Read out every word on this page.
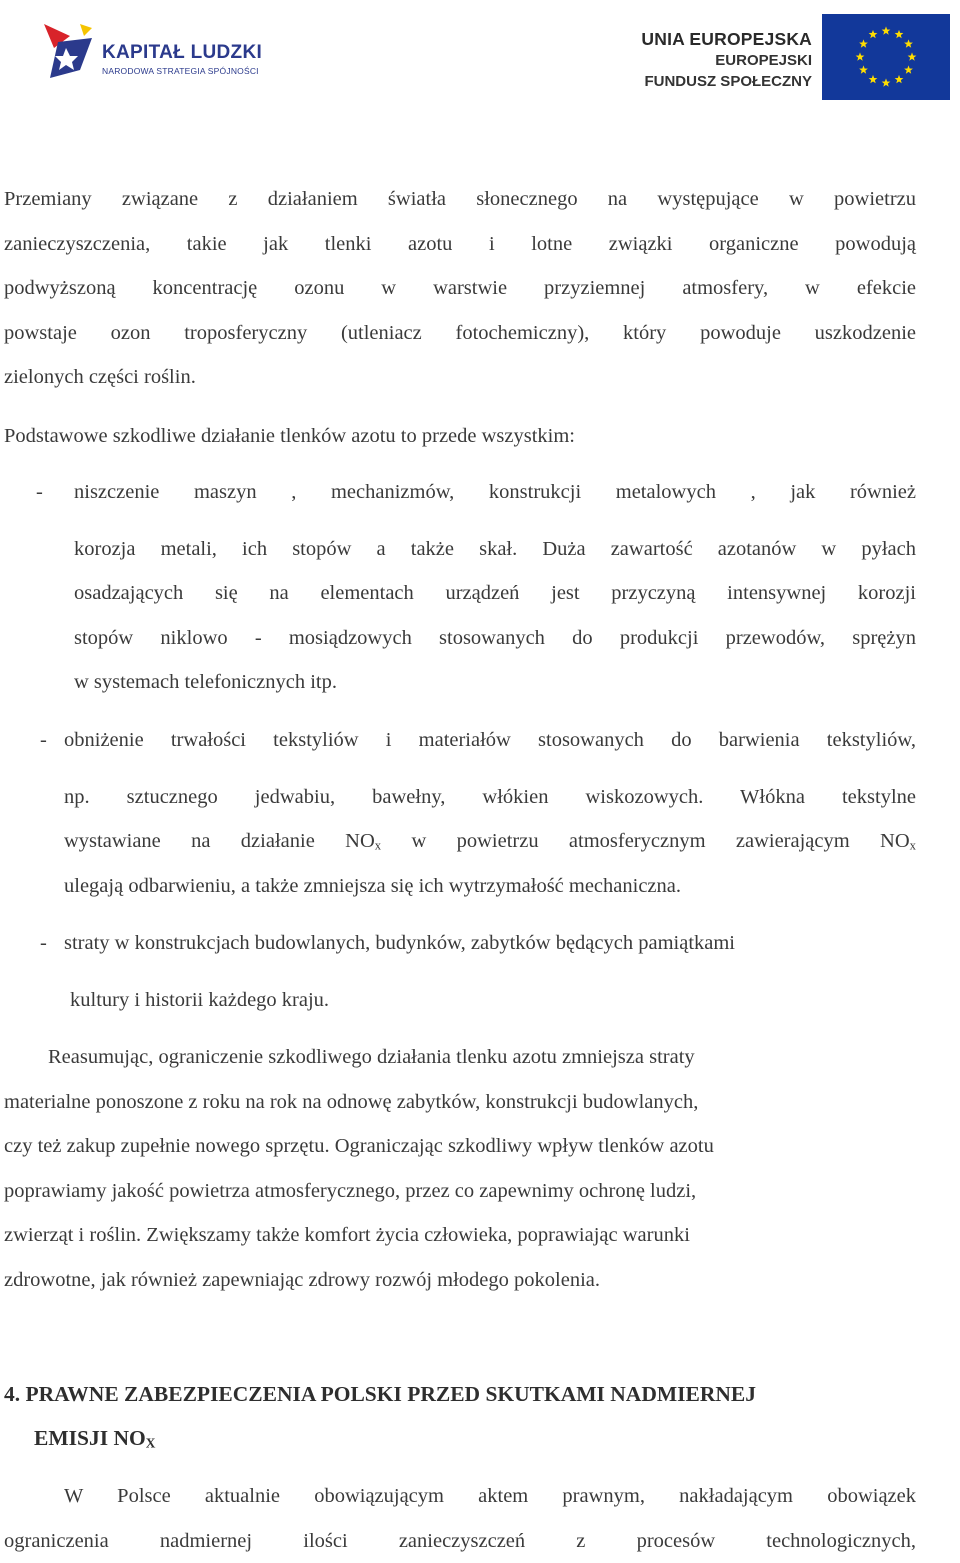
KAPITAŁ LUDZKI
NARODOWA STRATEGIA SPÓJNOŚCI
UNIA EUROPEJSKA
EUROPEJSKI
FUNDUSZ SPOŁECZNY
Przemiany związane z działaniem światła słonecznego na występujące w powietrzu
zanieczyszczenia, takie jak tlenki azotu i lotne związki organiczne powodują
podwyższoną koncentrację ozonu w warstwie przyziemnej atmosfery, w efekcie
powstaje ozon troposferyczny (utleniacz fotochemiczny), który powoduje uszkodzenie
zielonych części roślin.
Podstawowe szkodliwe działanie tlenków azotu to przede wszystkim:
- niszczenie maszyn , mechanizmów, konstrukcji metalowych , jak również
korozja metali, ich stopów a także skał. Duża zawartość azotanów w pyłach
osadzających się na elementach urządzeń jest przyczyną intensywnej korozji
stopów niklowo - mosiądzowych stosowanych do produkcji przewodów, sprężyn
w systemach telefonicznych itp.
- obniżenie trwałości tekstyliów i materiałów stosowanych do barwienia tekstyliów,
np. sztucznego jedwabiu, bawełny, włókien wiskozowych. Włókna tekstylne
wystawiane na działanie $NO_x$ w powietrzu atmosferycznym zawierającym $NO_x$
ulegają odbarwieniu, a także zmniejsza się ich wytrzymałość mechaniczna.
- straty w konstrukcjach budowlanych, budynków, zabytków będących pamiątkami
kultury i historii każdego kraju.
Reasumując, ograniczenie szkodliwego działania tlenku azotu zmniejsza straty
materialne ponoszone z roku na rok na odnowę zabytków, konstrukcji budowlanych,
czy też zakup zupełnie nowego sprzętu. Ograniczając szkodliwy wpływ tlenków azotu
poprawiamy jakość powietrza atmosferycznego, przez co zapewnimy ochronę ludzi,
zwierząt i roślin. Zwiększamy także komfort życia człowieka, poprawiając warunki
zdrowotne, jak również zapewniając zdrowy rozwój młodego pokolenia.
4. PRAWNE ZABEZPIECZENIA POLSKI PRZED SKUTKAMI NADMIERNEJ
EMISJI $NO_X$
W Polsce aktualnie obowiązującym aktem prawnym, nakładającym obowiązek
ograniczenia nadmiernej ilości zanieczyszczeń z procesów technologicznych,
